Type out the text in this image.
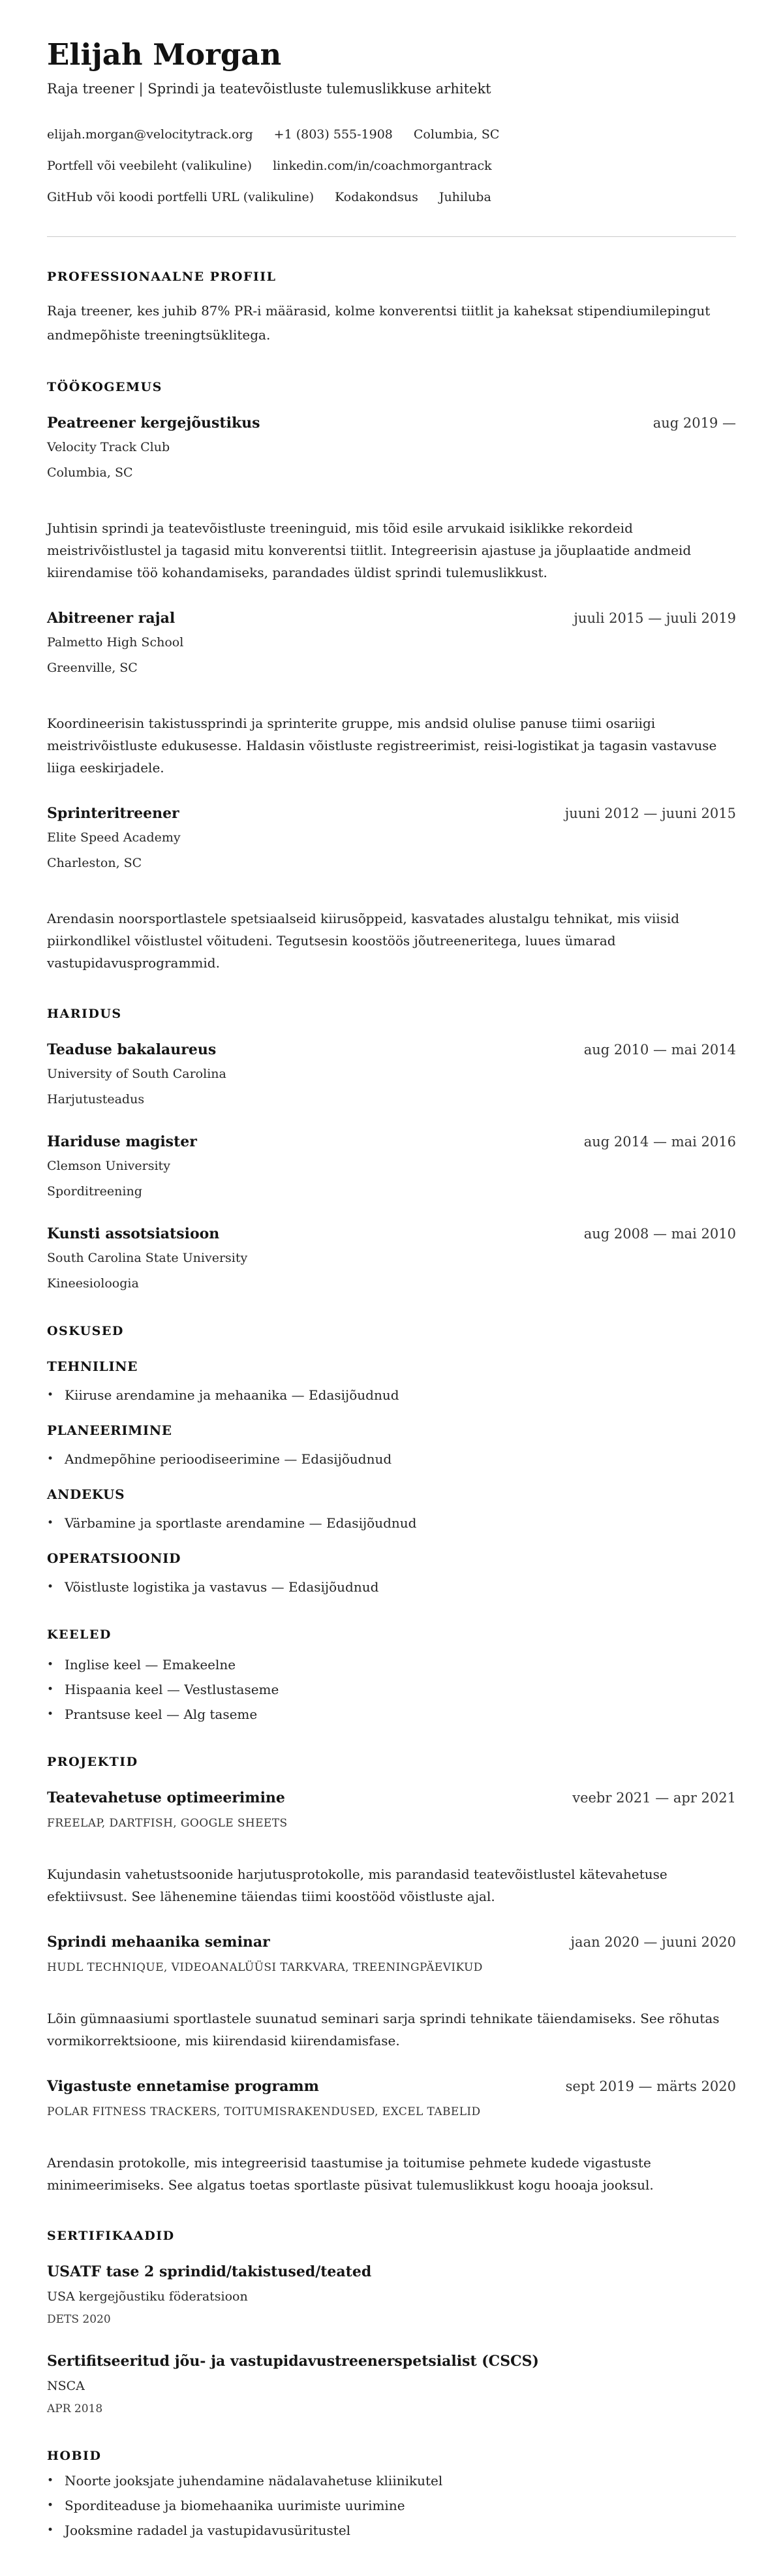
Elijah Morgan
Raja treener | Sprindi ja teatevõistluste tulemuslikkuse arhitekt
elijah.morgan@velocitytrack.org +1 (803) 555-1908 Columbia, SC
Portfell või veebileht (valikuline) linkedin.com/in/coachmorgantrack
GitHub või koodi portfelli URL (valikuline) Kodakondsus Juhiluba
PROFESSIONAALNE PROFIIL

Raja treener, kes juhib 87% PR-i määrasid, kolme konverentsi tiitlit ja kaheksat stipendiumilepingut andmepõhiste treeningtsüklitega.

TÖÖKOGEMUS
Peatreener kergejõustikus	aug 2019 —
Velocity Track Club
Columbia, SC

Juhtisin sprindi ja teatevõistluste treeninguid, mis tõid esile arvukaid isiklikke rekordeid meistrivõistlustel ja tagasid mitu konverentsi tiitlit. Integreerisin ajastuse ja jõuplaatide andmeid kiirendamise töö kohandamiseks, parandades üldist sprindi tulemuslikkust.

Abitreener rajal	juuli 2015 — juuli 2019
Palmetto High School
Greenville, SC

Koordineerisin takistussprindi ja sprinterite gruppe, mis andsid olulise panuse tiimi osariigi meistrivõistluste edukusesse. Haldasin võistluste registreerimist, reisi-logistikat ja tagasin vastavuse liiga eeskirjadele.

Sprinteritreener	juuni 2012 — juuni 2015
Elite Speed Academy
Charleston, SC

Arendasin noorsportlastele spetsiaalseid kiirusõppeid, kasvatades alustalgu tehnikat, mis viisid piirkondlikel võistlustel võitudeni. Tegutsesin koostöös jõutreeneritega, luues ümarad vastupidavusprogrammid.

HARIDUS
Teaduse bakalaureus	aug 2010 — mai 2014
University of South Carolina
Harjutusteadus
Hariduse magister	aug 2014 — mai 2016
Clemson University
Sporditreening
Kunsti assotsiatsioon	aug 2008 — mai 2010
South Carolina State University
Kineesioloogia
OSKUSED
TEHNILINE
• Kiiruse arendamine ja mehaanika — Edasijõudnud
PLANEERIMINE
• Andmepõhine perioodiseerimine — Edasijõudnud
ANDEKUS
• Värbamine ja sportlaste arendamine — Edasijõudnud
OPERATSIOONID
• Võistluste logistika ja vastavus — Edasijõudnud
KEELED
• Inglise keel — Emakeelne
• Hispaania keel — Vestlustaseme
• Prantsuse keel — Alg taseme
PROJEKTID
Teatevahetuse optimeerimine	veebr 2021 — apr 2021
FREELAP, DARTFISH, GOOGLE SHEETS

Kujundasin vahetustsoonide harjutusprotokolle, mis parandasid teatevõistlustel kätevahetuse efektiivsust. See lähenemine täiendas tiimi koostööd võistluste ajal.

Sprindi mehaanika seminar	jaan 2020 — juuni 2020
HUDL TECHNIQUE, VIDEOANALÜÜSI TARKVARA, TREENINGPÄEVIKUD

Lõin gümnaasiumi sportlastele suunatud seminari sarja sprindi tehnikate täiendamiseks. See rõhutas vormikorrektsioone, mis kiirendasid kiirendamisfase.

Vigastuste ennetamise programm	sept 2019 — märts 2020
POLAR FITNESS TRACKERS, TOITUMISRAKENDUSED, EXCEL TABELID

Arendasin protokolle, mis integreerisid taastumise ja toitumise pehmete kudede vigastuste minimeerimiseks. See algatus toetas sportlaste püsivat tulemuslikkust kogu hooaja jooksul.

SERTIFIKAADID
USATF tase 2 sprindid/takistused/teated
USA kergejõustiku föderatsioon
DETS 2020
Sertifitseeritud jõu- ja vastupidavustreenerspetsialist (CSCS)
NSCA
APR 2018
HOBID
• Noorte jooksjate juhendamine nädalavahetuse kliinikutel
• Sporditeaduse ja biomehaanika uurimiste uurimine
• Jooksmine radadel ja vastupidavusüritustel
